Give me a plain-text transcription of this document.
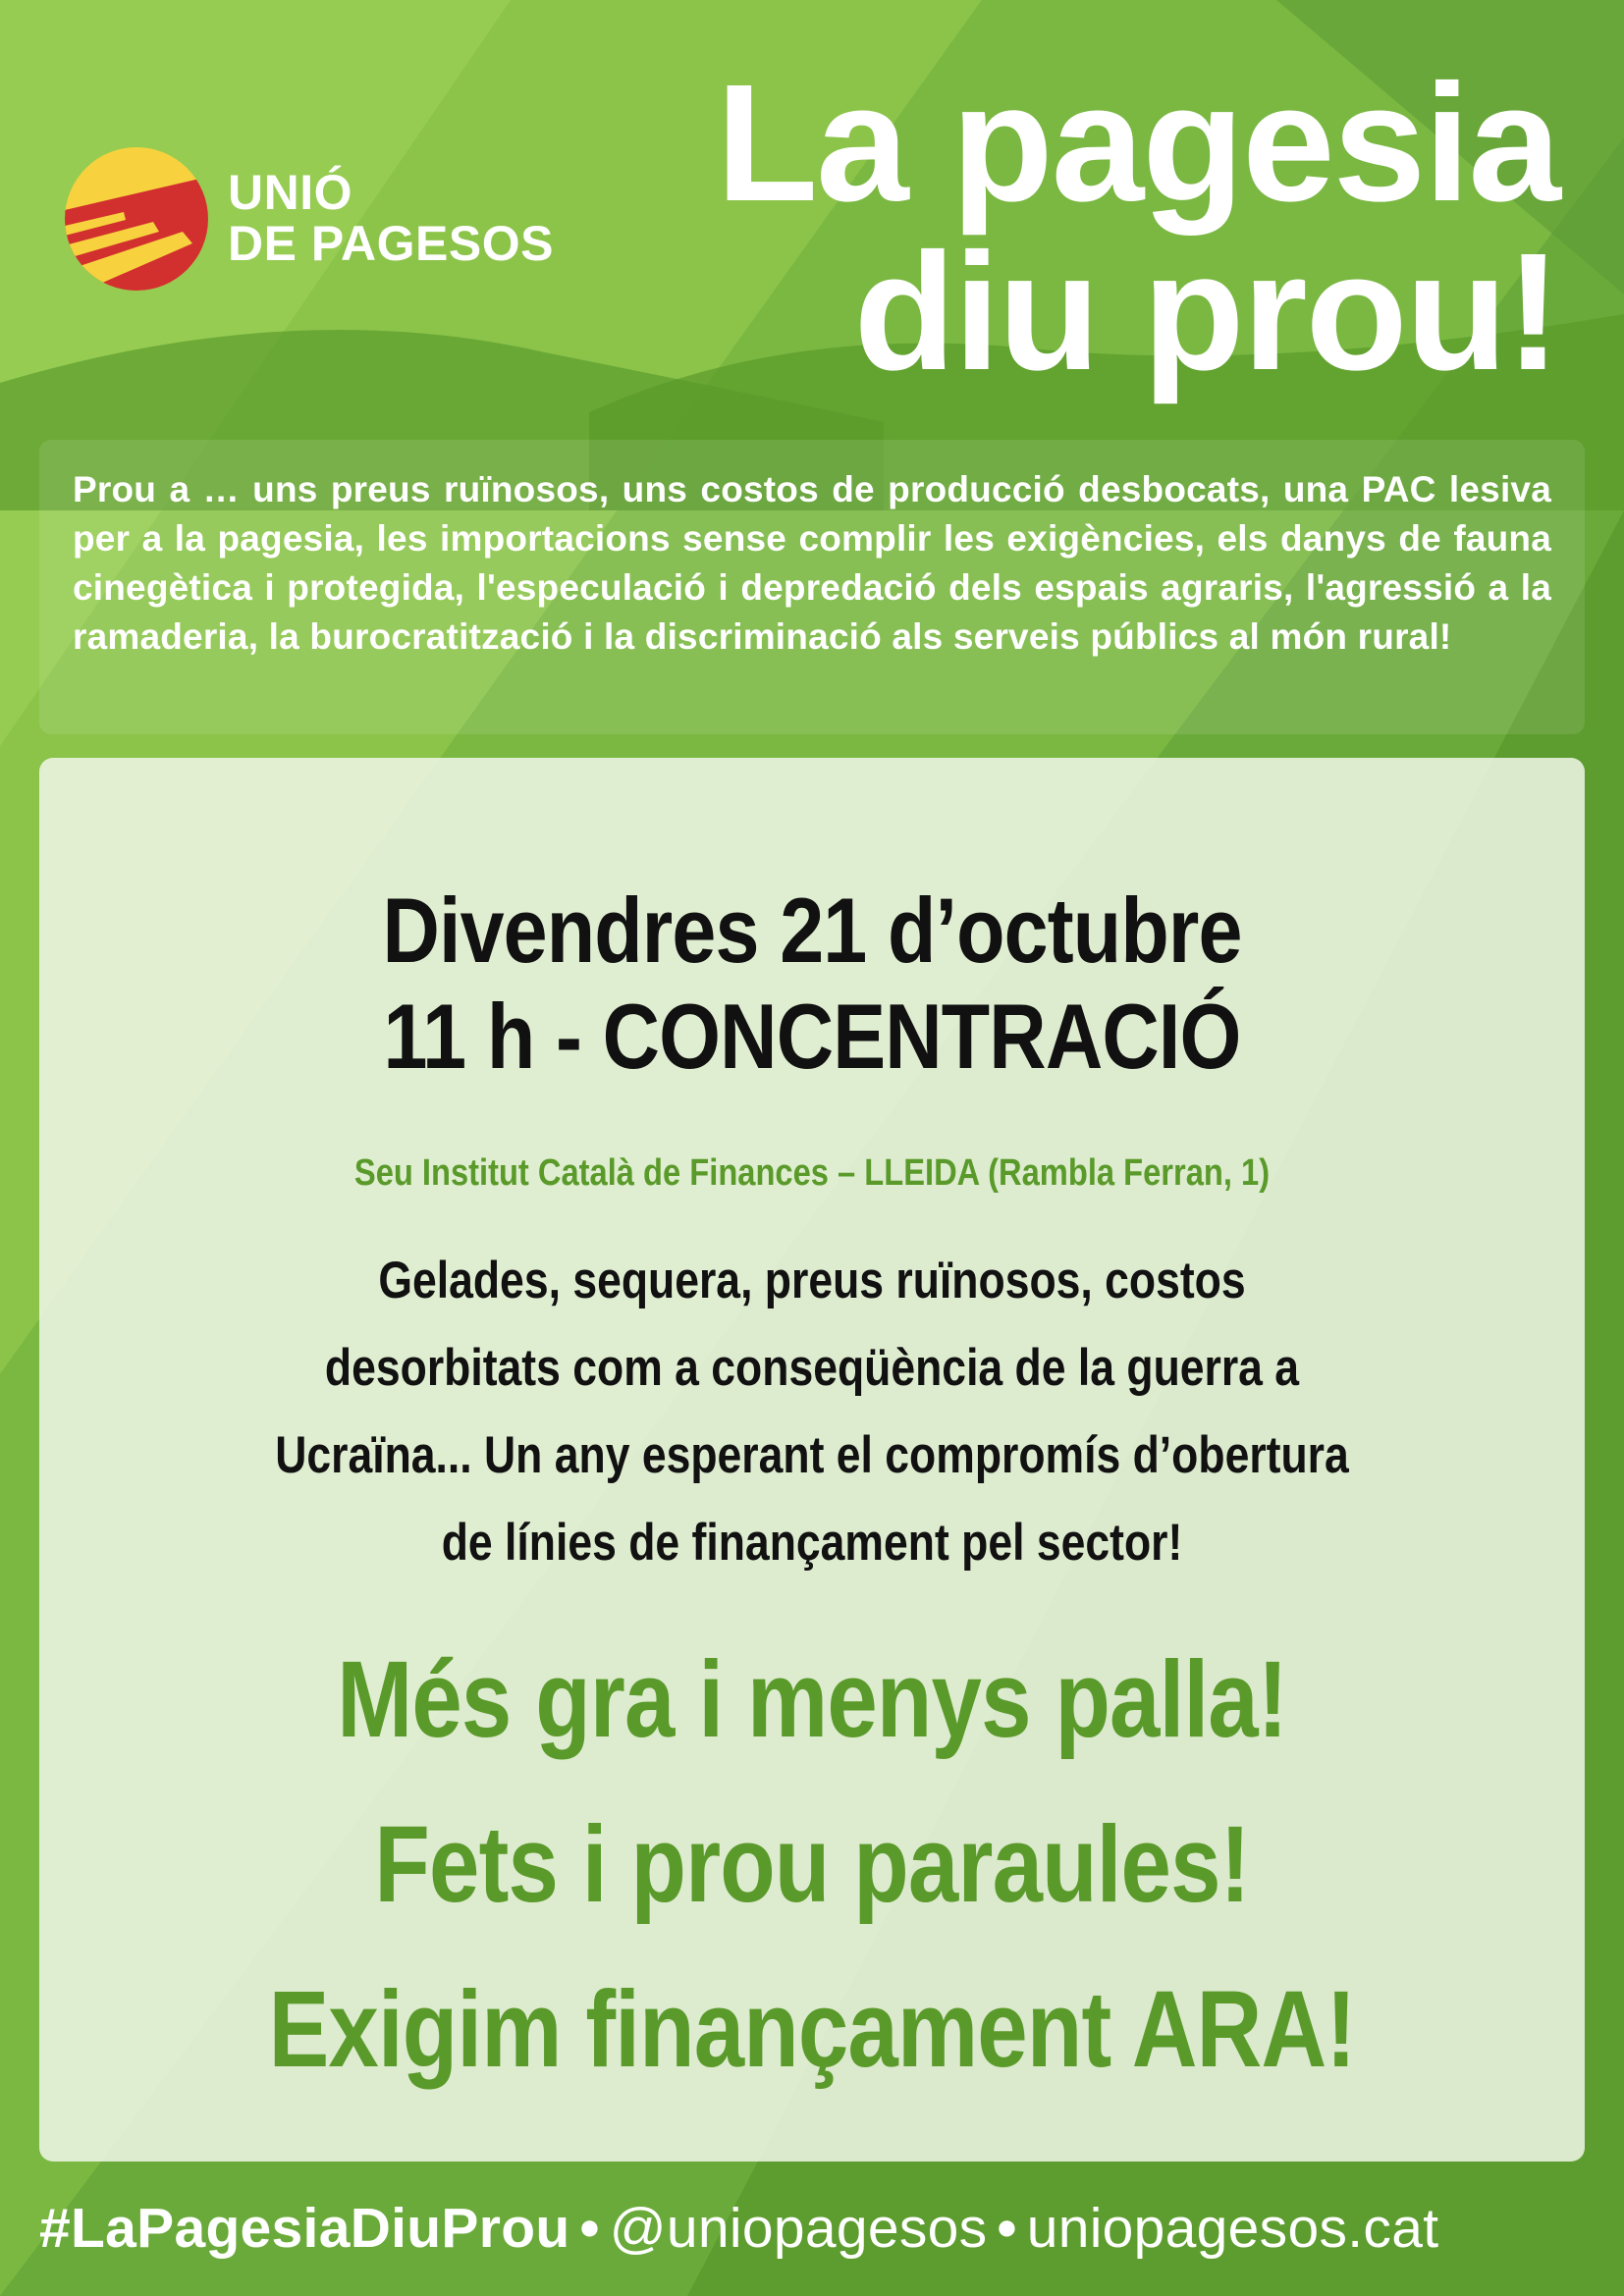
UNIÓ
DE PAGESOS
La pagesia
diu prou!

Prou a … uns preus ruïnosos, uns costos de producció desbocats, una PAC lesiva per a la pagesia, les importacions sense complir les exigències, els danys de fauna cinegètica i protegida, l'especulació i depredació dels espais agraris, l'agressió a la ramaderia, la burocratització i la discriminació als serveis públics al món rural!

Divendres 21 d’octubre
11 h - CONCENTRACIÓ
Seu Institut Català de Finances – LLEIDA (Rambla Ferran, 1)
Gelades, sequera, preus ruïnosos, costos desorbitats com a conseqüència de la guerra a Ucraïna... Un any esperant el compromís d’obertura de línies de finançament pel sector!
Més gra i menys palla!
Fets i prou paraules!
Exigim finançament ARA!
#LaPagesiaDiuProu • @uniopagesos • uniopagesos.cat
